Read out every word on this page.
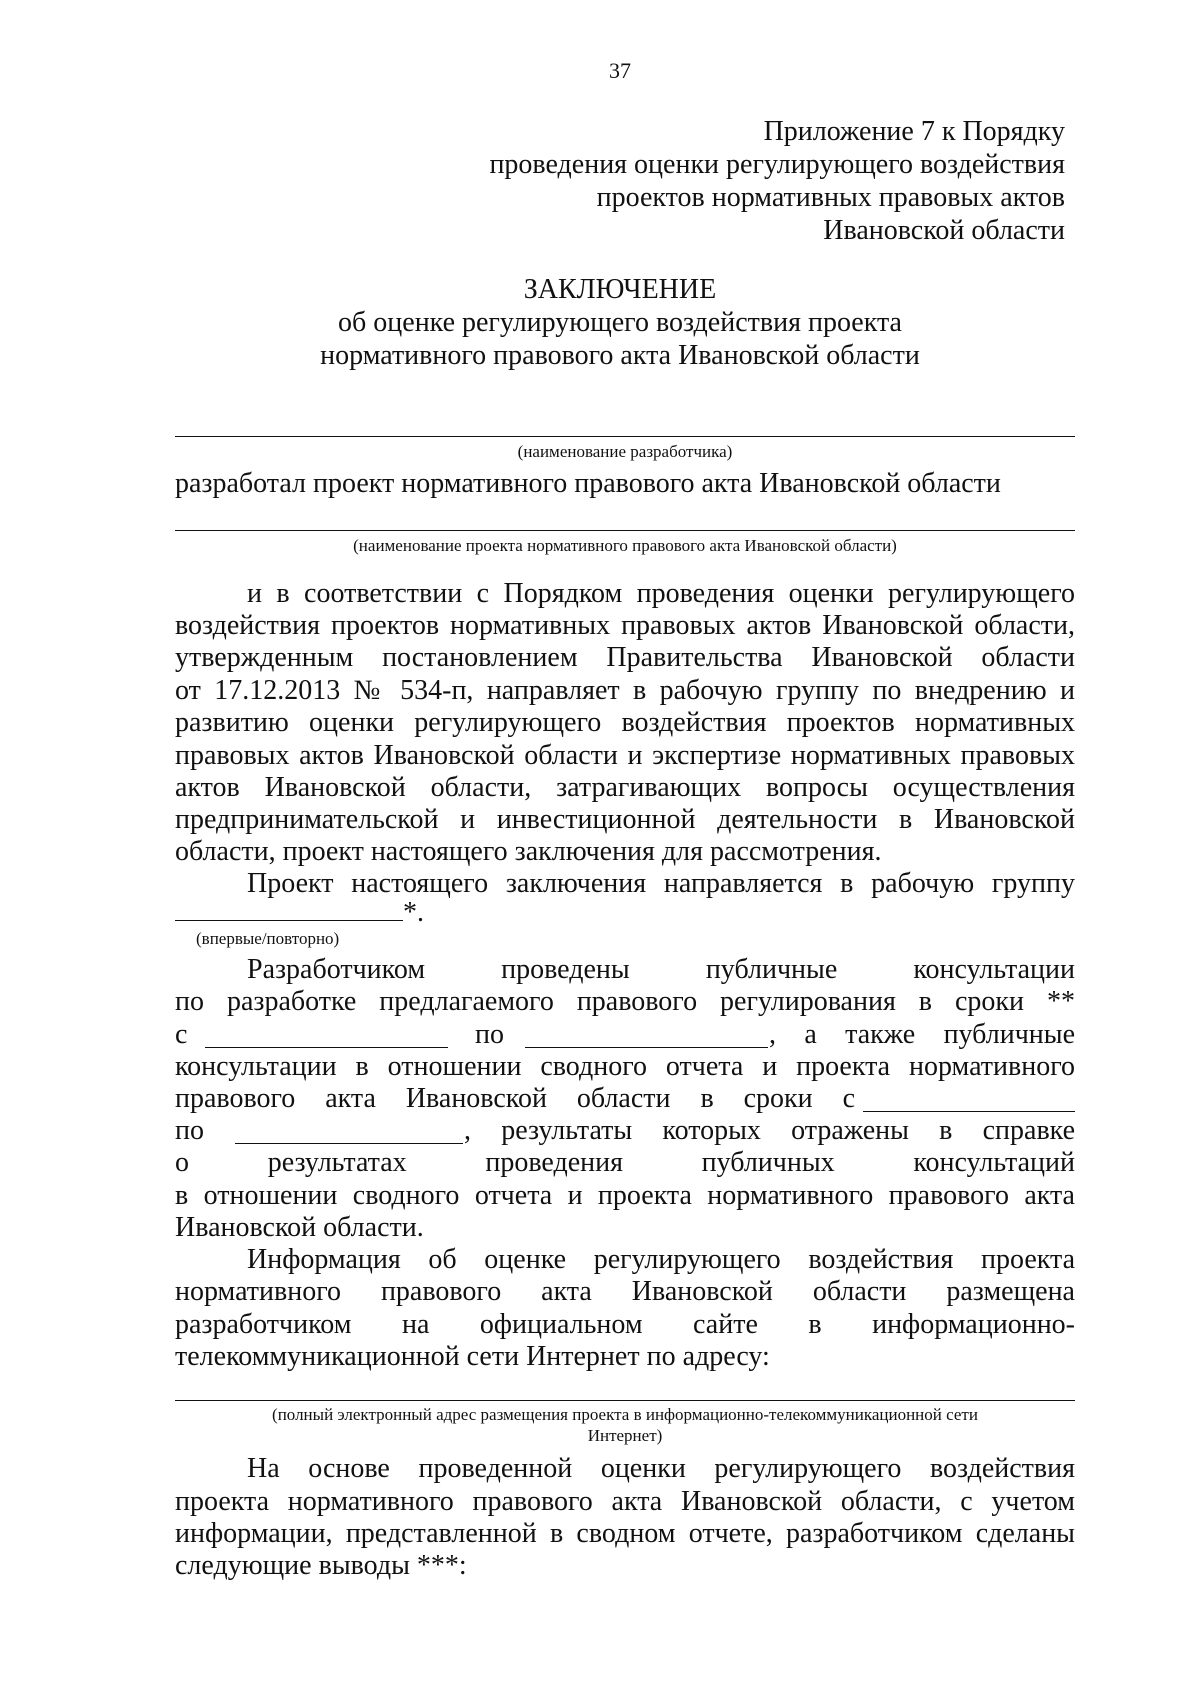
37
Приложение 7 к Порядку
проведения оценки регулирующего воздействия
проектов нормативных правовых актов
Ивановской области
ЗАКЛЮЧЕНИЕ
об оценке регулирующего воздействия проекта
нормативного правового акта Ивановской области
(наименование разработчика)
разработал проект нормативного правового акта Ивановской области
(наименование проекта нормативного правового акта Ивановской области)
и в соответствии с Порядком проведения оценки регулирующего
воздействия проектов нормативных правовых актов Ивановской области,
утвержденным постановлением Правительства Ивановской области
от 17.12.2013 № 534-п, направляет в рабочую группу по внедрению и
развитию оценки регулирующего воздействия проектов нормативных
правовых актов Ивановской области и экспертизе нормативных правовых
актов Ивановской области, затрагивающих вопросы осуществления
предпринимательской и инвестиционной деятельности в Ивановской
области, проект настоящего заключения для рассмотрения.
Проект настоящего заключения направляется в рабочую группу
*.
(впервые/повторно)
Разработчиком проведены публичные консультации
по разработке предлагаемого правового регулирования в сроки **
с	по	, а также публичные
консультации в отношении сводного отчета и проекта нормативного
правового акта Ивановской области в сроки с
по	, результаты которых отражены в справке
о результатах проведения публичных консультаций
в отношении сводного отчета и проекта нормативного правового акта
Ивановской области.
Информация об оценке регулирующего воздействия проекта
нормативного правового акта Ивановской области размещена
разработчиком на официальном сайте в информационно-
телекоммуникационной сети Интернет по адресу:
(полный электронный адрес размещения проекта в информационно-телекоммуникационной сети
Интернет)
На основе проведенной оценки регулирующего воздействия
проекта нормативного правового акта Ивановской области, с учетом
информации, представленной в сводном отчете, разработчиком сделаны
следующие выводы ***:
